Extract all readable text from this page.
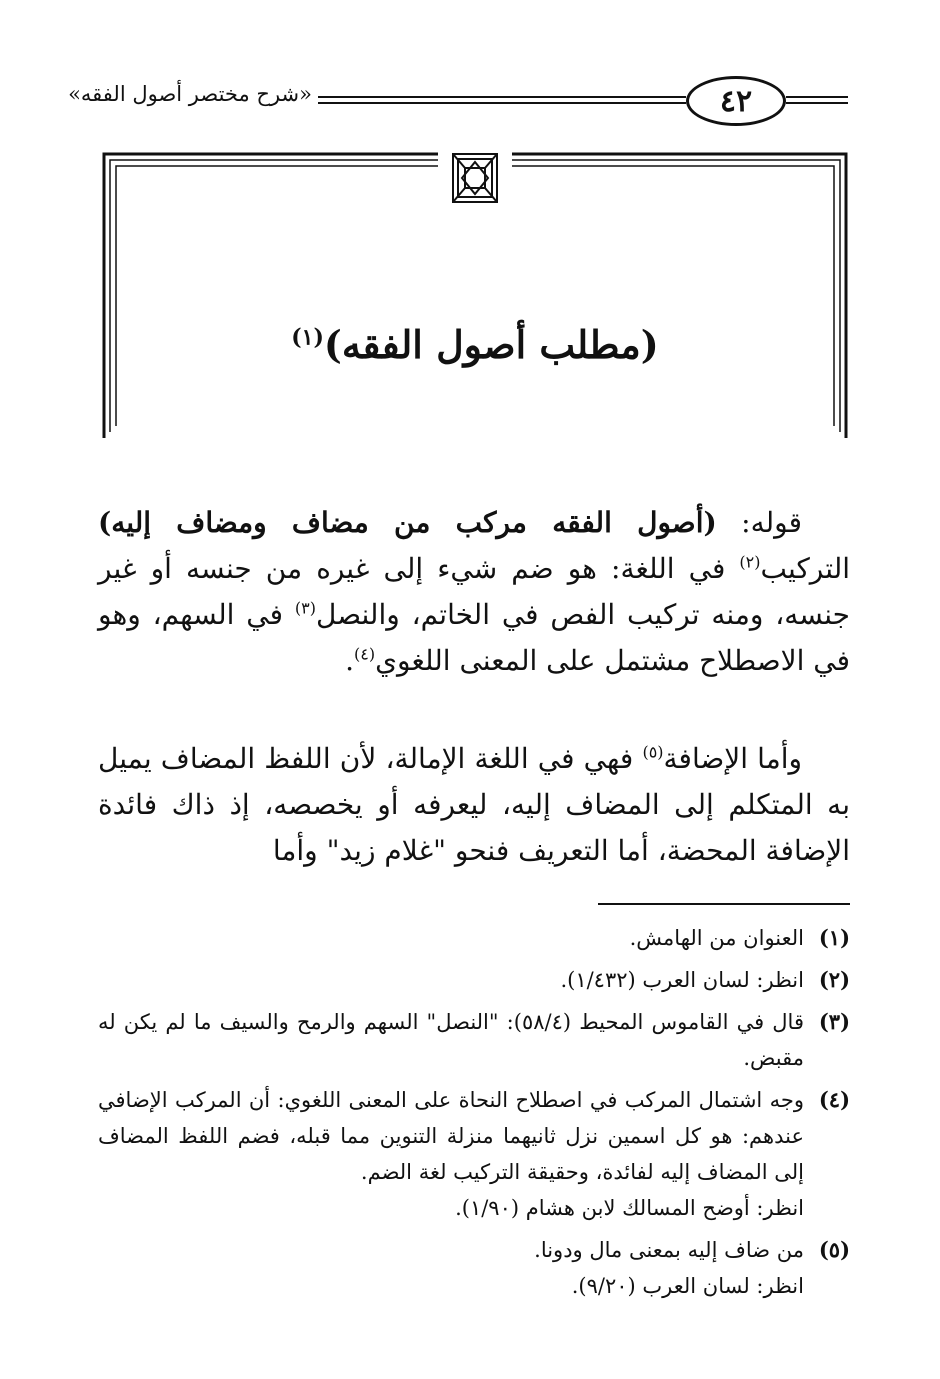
٤٢
«شرح مختصر أصول الفقه»
(مطلب أصول الفقه)$^{(١)}$
قوله: (أصول الفقه مركب من مضاف ومضاف إليه) التركيب$^{(٢)}$ في اللغة: هو ضم شيء إلى غيره من جنسه أو غير جنسه، ومنه تركيب الفص في الخاتم، والنصل$^{(٣)}$ في السهم، وهو في الاصطلاح مشتمل على المعنى اللغوي$^{(٤)}$.
وأما الإضافة$^{(٥)}$ فهي في اللغة الإمالة، لأن اللفظ المضاف يميل به المتكلم إلى المضاف إليه، ليعرفه أو يخصصه، إذ ذاك فائدة الإضافة المحضة، أما التعريف فنحو "غلام زيد" وأما
(١)
العنوان من الهامش.
(٢)
انظر: لسان العرب (١/٤٣٢).
(٣)
قال في القاموس المحيط (٥٨/٤): "النصل" السهم والرمح والسيف ما لم يكن له مقبض.
(٤)
وجه اشتمال المركب في اصطلاح النحاة على المعنى اللغوي: أن المركب الإضافي عندهم: هو كل اسمين نزل ثانيهما منزلة التنوين مما قبله، فضم اللفظ المضاف إلى المضاف إليه لفائدة، وحقيقة التركيب لغة الضم.
انظر: أوضح المسالك لابن هشام (١/٩٠).
(٥)
من ضاف إليه بمعنى مال ودونا.
انظر: لسان العرب (٩/٢٠).
